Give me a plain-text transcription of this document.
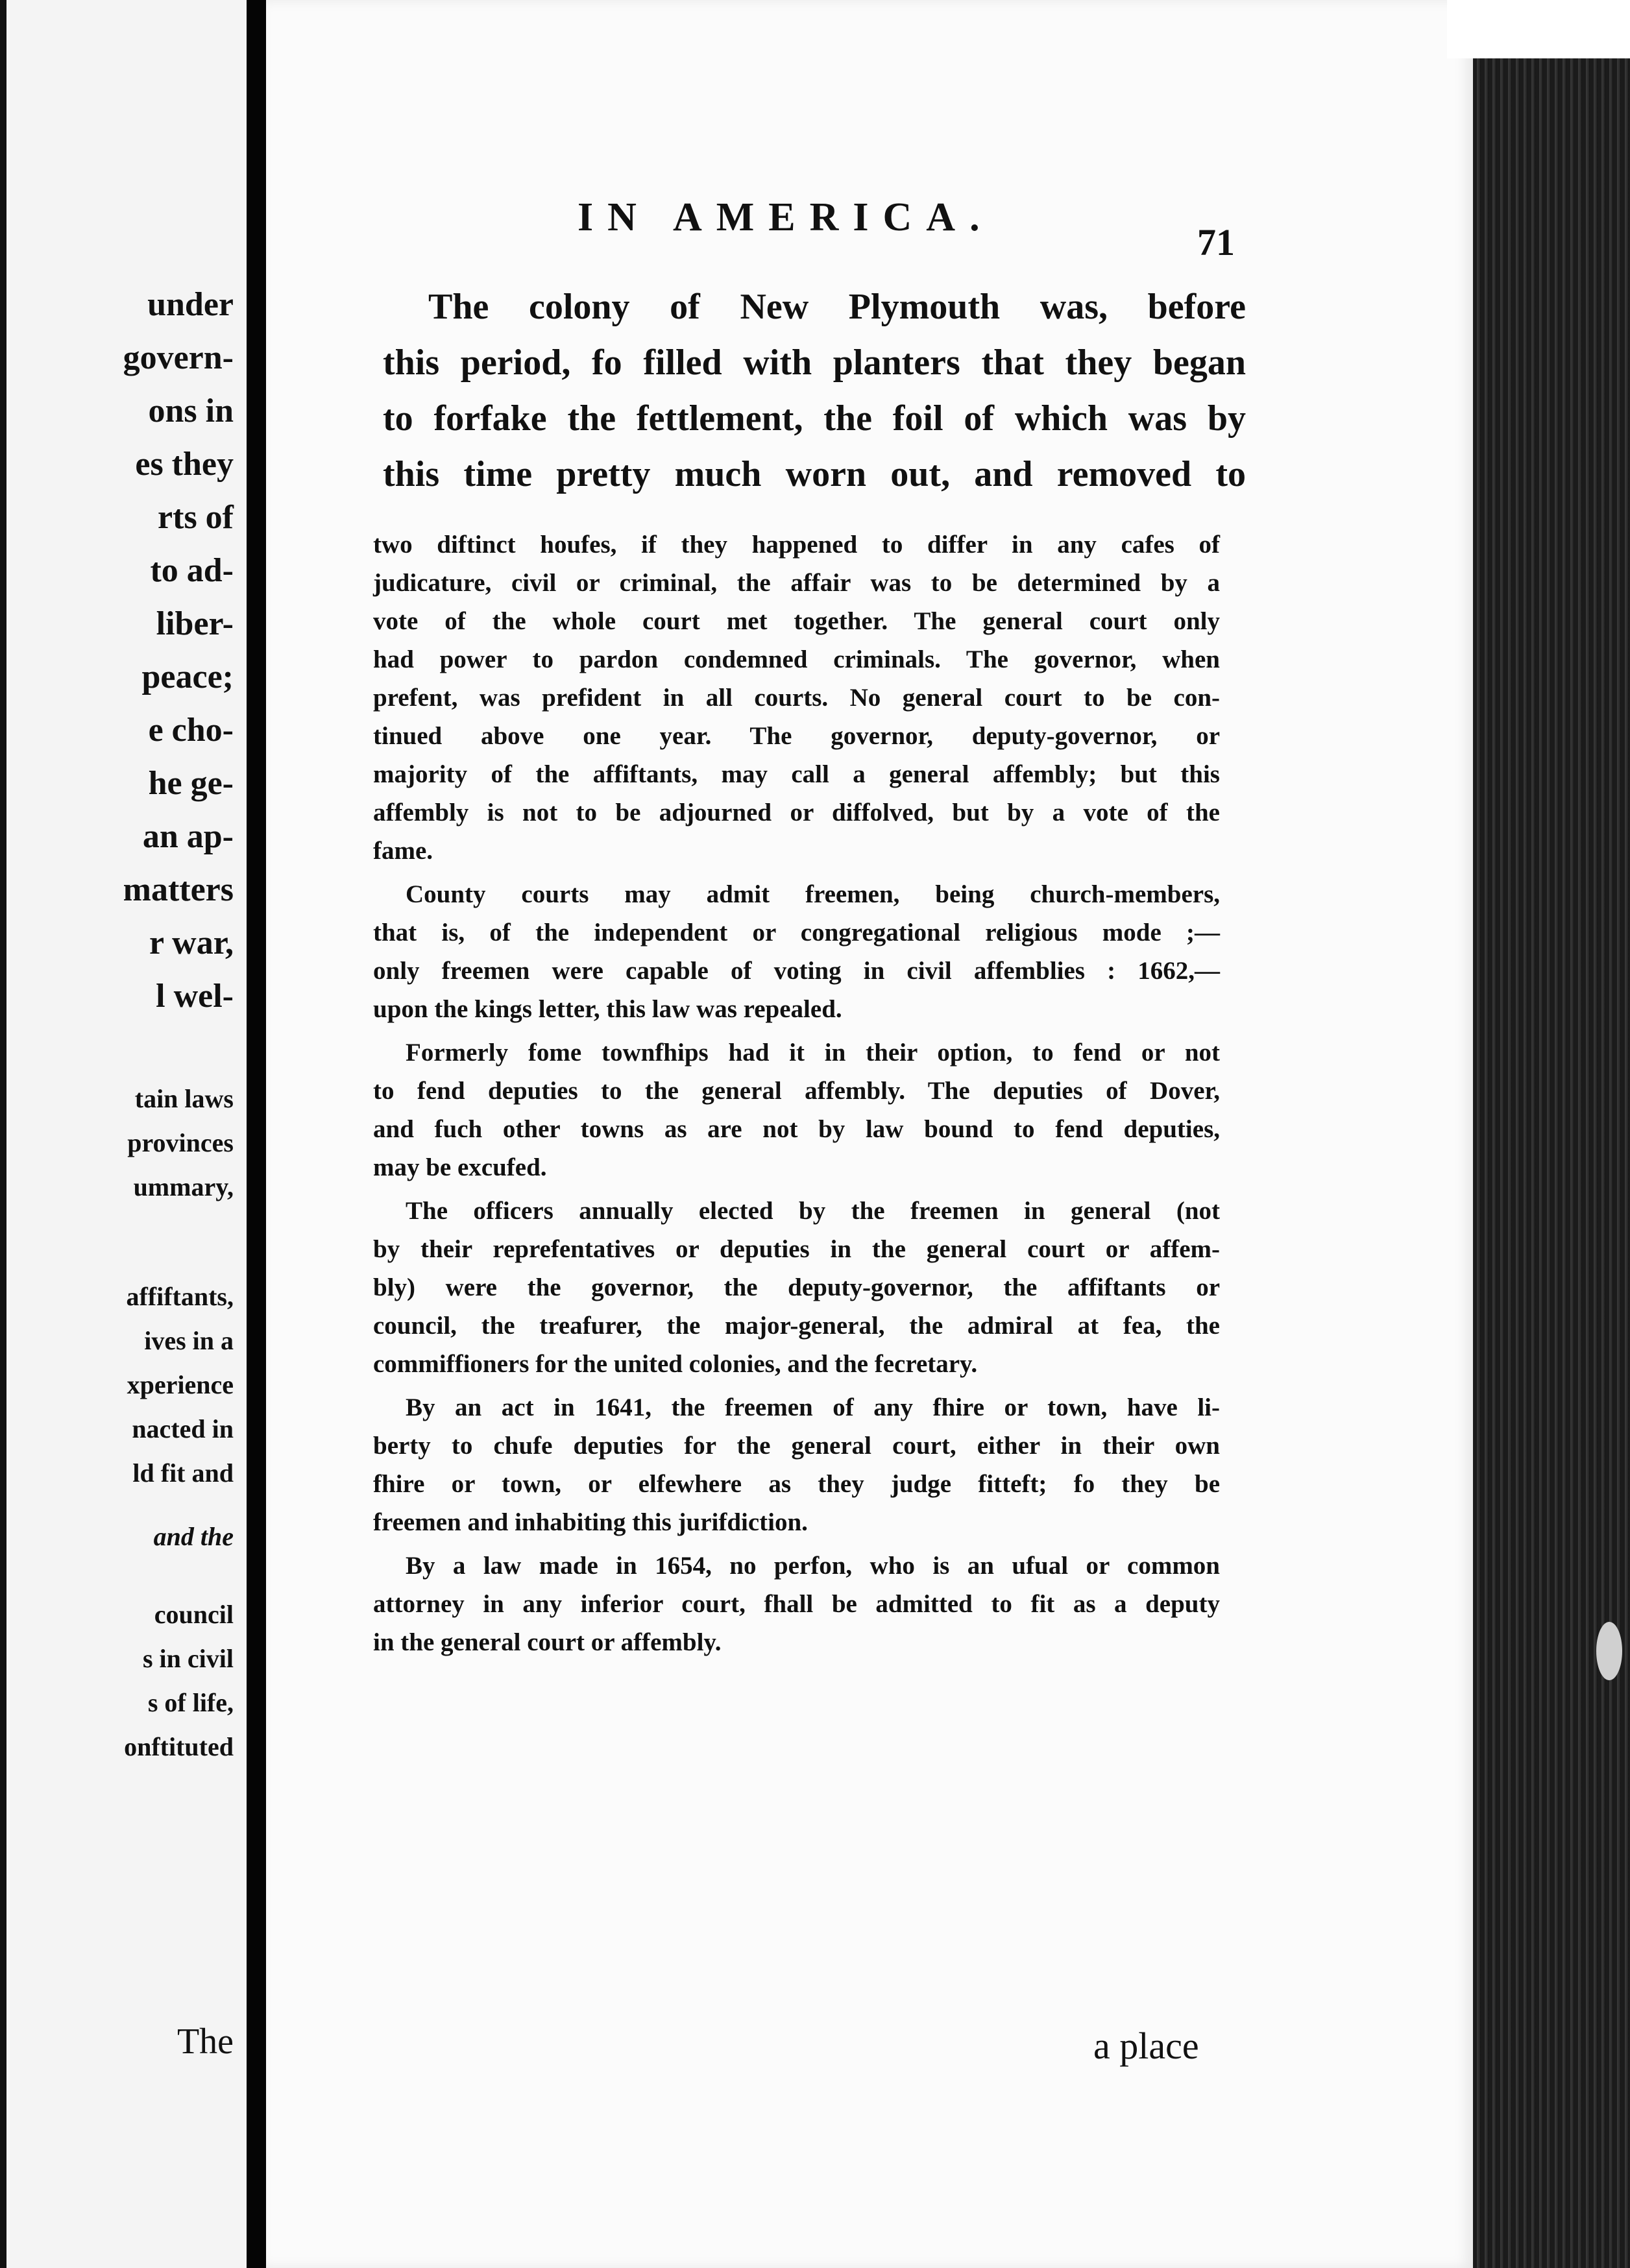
under
govern-
ons in
es they
rts of
to ad-
liber-
peace;
e cho-
he ge-
an ap-
matters
r war,
l wel-
tain laws
provinces
ummary,
affiftants,
ives in a
xperience
nacted in
ld fit and
and the
council
s in civil
s of life,
onftituted
The
IN AMERICA.
71
The colony of New Plymouth was, before
this period, fo filled with planters that they began
to forfake the fettlement, the foil of which was by
this time pretty much worn out, and removed to
two diftinct houfes, if they happened to differ in any cafes of
judicature, civil or criminal, the affair was to be determined by a
vote of the whole court met together. The general court only
had power to pardon condemned criminals. The governor, when
prefent, was prefident in all courts. No general court to be con-
tinued above one year. The governor, deputy-governor, or
majority of the affiftants, may call a general affembly; but this
affembly is not to be adjourned or diffolved, but by a vote of the
fame.
County courts may admit freemen, being church-members,
that is, of the independent or congregational religious mode ;—
only freemen were capable of voting in civil affemblies : 1662,—
upon the kings letter, this law was repealed.
Formerly fome townfhips had it in their option, to fend or not
to fend deputies to the general affembly. The deputies of Dover,
and fuch other towns as are not by law bound to fend deputies,
may be excufed.
The officers annually elected by the freemen in general (not
by their reprefentatives or deputies in the general court or affem-
bly) were the governor, the deputy-governor, the affiftants or
council, the treafurer, the major-general, the admiral at fea, the
commiffioners for the united colonies, and the fecretary.
By an act in 1641, the freemen of any fhire or town, have li-
berty to chufe deputies for the general court, either in their own
fhire or town, or elfewhere as they judge fitteft; fo they be
freemen and inhabiting this jurifdiction.
By a law made in 1654, no perfon, who is an ufual or common
attorney in any inferior court, fhall be admitted to fit as a deputy
in the general court or affembly.
a place
